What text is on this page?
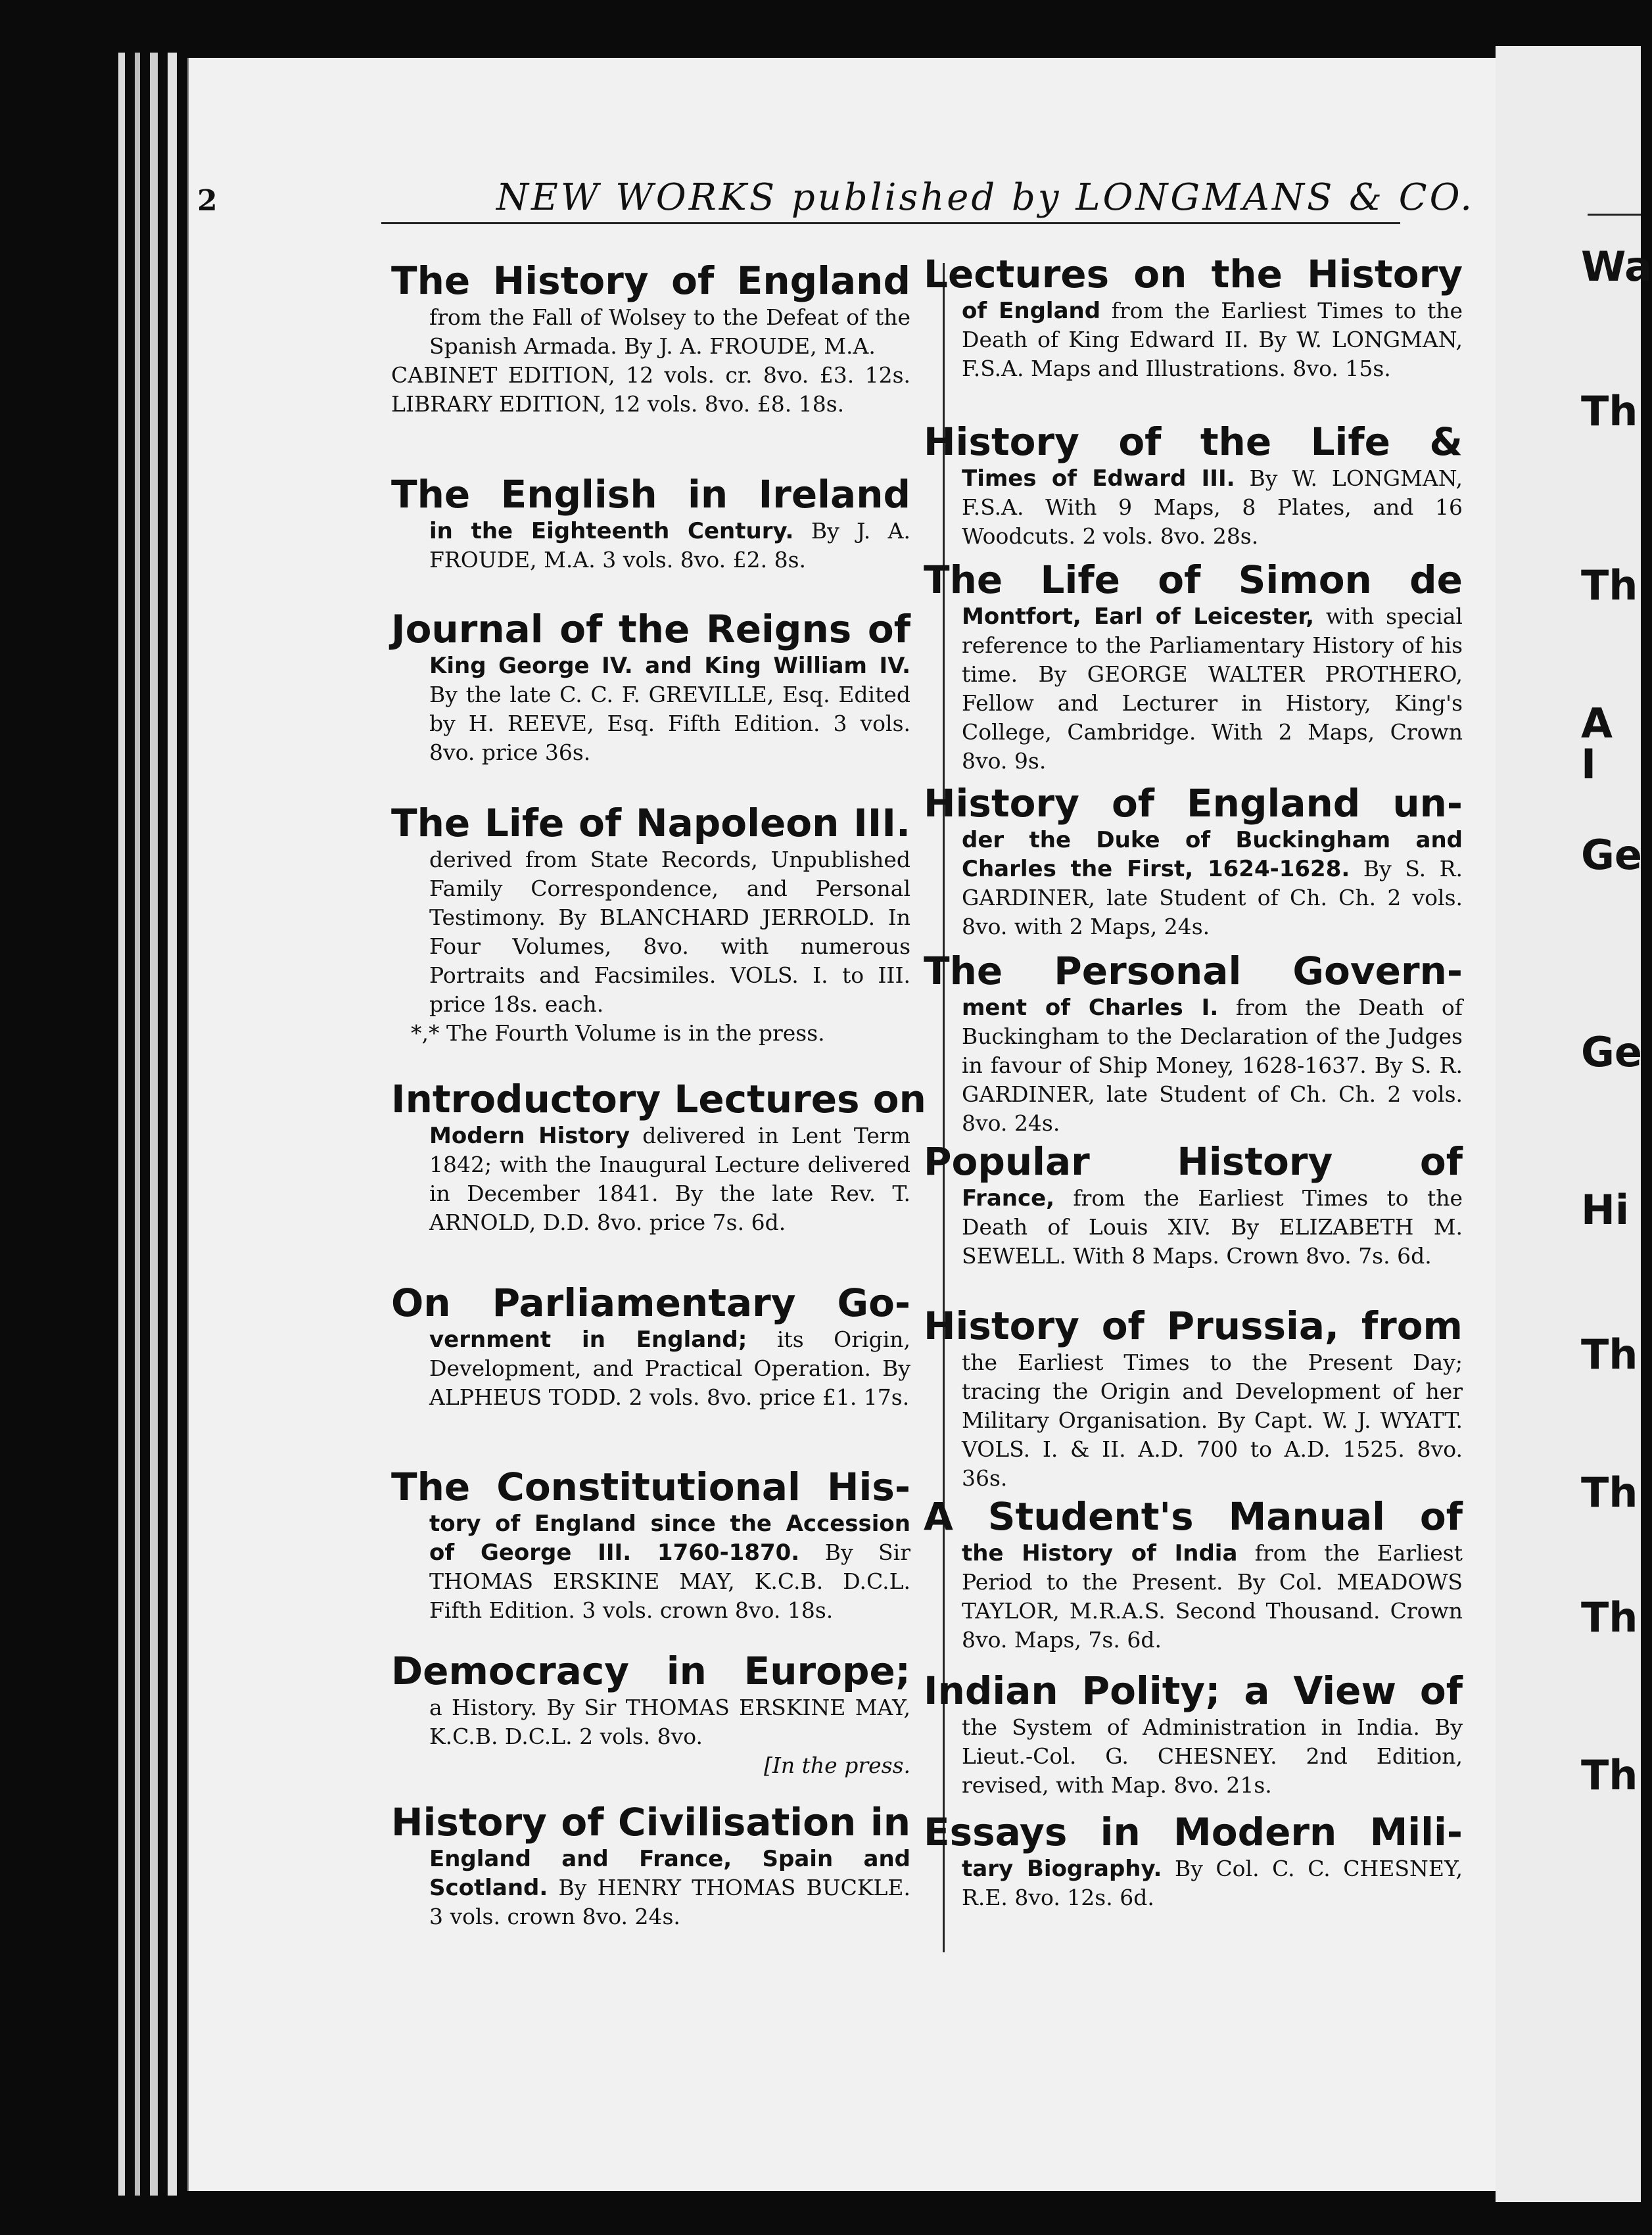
Wa
Th
Th
A I
Ge
Ge
Hi
Th
Th
Th
Th
2	NEW WORKS published by LONGMANS & CO.
The History of England
from the Fall of Wolsey to the Defeat of the Spanish Armada. By J. A. FROUDE, M.A.
CABINET EDITION, 12 vols. cr. 8vo. £3. 12s. LIBRARY EDITION, 12 vols. 8vo. £8. 18s.
The English in Ireland
in the Eighteenth Century. By J. A. FROUDE, M.A. 3 vols. 8vo. £2. 8s.
Journal of the Reigns of
King George IV. and King William IV. By the late C. C. F. GREVILLE, Esq. Edited by H. REEVE, Esq. Fifth Edition. 3 vols. 8vo. price 36s.
The Life of Napoleon III.
derived from State Records, Unpublished Family Correspondence, and Personal Testimony. By BLANCHARD JERROLD. In Four Volumes, 8vo. with numerous Portraits and Facsimiles. VOLS. I. to III. price 18s. each.
*,* The Fourth Volume is in the press.
Introductory Lectures on
Modern History delivered in Lent Term 1842; with the Inaugural Lecture delivered in December 1841. By the late Rev. T. ARNOLD, D.D. 8vo. price 7s. 6d.
On Parliamentary Go-
vernment in England; its Origin, Development, and Practical Operation. By ALPHEUS TODD. 2 vols. 8vo. price £1. 17s.
The Constitutional His-
tory of England since the Accession of George III. 1760-1870. By Sir THOMAS ERSKINE MAY, K.C.B. D.C.L. Fifth Edition. 3 vols. crown 8vo. 18s.
Democracy in Europe;
a History. By Sir THOMAS ERSKINE MAY, K.C.B. D.C.L. 2 vols. 8vo.
[In the press.
History of Civilisation in
England and France, Spain and Scotland. By HENRY THOMAS BUCKLE. 3 vols. crown 8vo. 24s.
Lectures on the History
of England from the Earliest Times to the Death of King Edward II. By W. LONGMAN, F.S.A. Maps and Illustrations. 8vo. 15s.
History of the Life &
Times of Edward III. By W. LONGMAN, F.S.A. With 9 Maps, 8 Plates, and 16 Woodcuts. 2 vols. 8vo. 28s.
The Life of Simon de
Montfort, Earl of Leicester, with special reference to the Parliamentary History of his time. By GEORGE WALTER PROTHERO, Fellow and Lecturer in History, King's College, Cambridge. With 2 Maps, Crown 8vo. 9s.
History of England un-
der the Duke of Buckingham and Charles the First, 1624-1628. By S. R. GARDINER, late Student of Ch. Ch. 2 vols. 8vo. with 2 Maps, 24s.
The Personal Govern-
ment of Charles I. from the Death of Buckingham to the Declaration of the Judges in favour of Ship Money, 1628-1637. By S. R. GARDINER, late Student of Ch. Ch. 2 vols. 8vo. 24s.
Popular History of
France, from the Earliest Times to the Death of Louis XIV. By ELIZABETH M. SEWELL. With 8 Maps. Crown 8vo. 7s. 6d.
History of Prussia, from
the Earliest Times to the Present Day; tracing the Origin and Development of her Military Organisation. By Capt. W. J. WYATT. VOLS. I. & II. A.D. 700 to A.D. 1525. 8vo. 36s.
A Student's Manual of
the History of India from the Earliest Period to the Present. By Col. MEADOWS TAYLOR, M.R.A.S. Second Thousand. Crown 8vo. Maps, 7s. 6d.
Indian Polity; a View of
the System of Administration in India. By Lieut.-Col. G. CHESNEY. 2nd Edition, revised, with Map. 8vo. 21s.
Essays in Modern Mili-
tary Biography. By Col. C. C. CHESNEY, R.E. 8vo. 12s. 6d.
